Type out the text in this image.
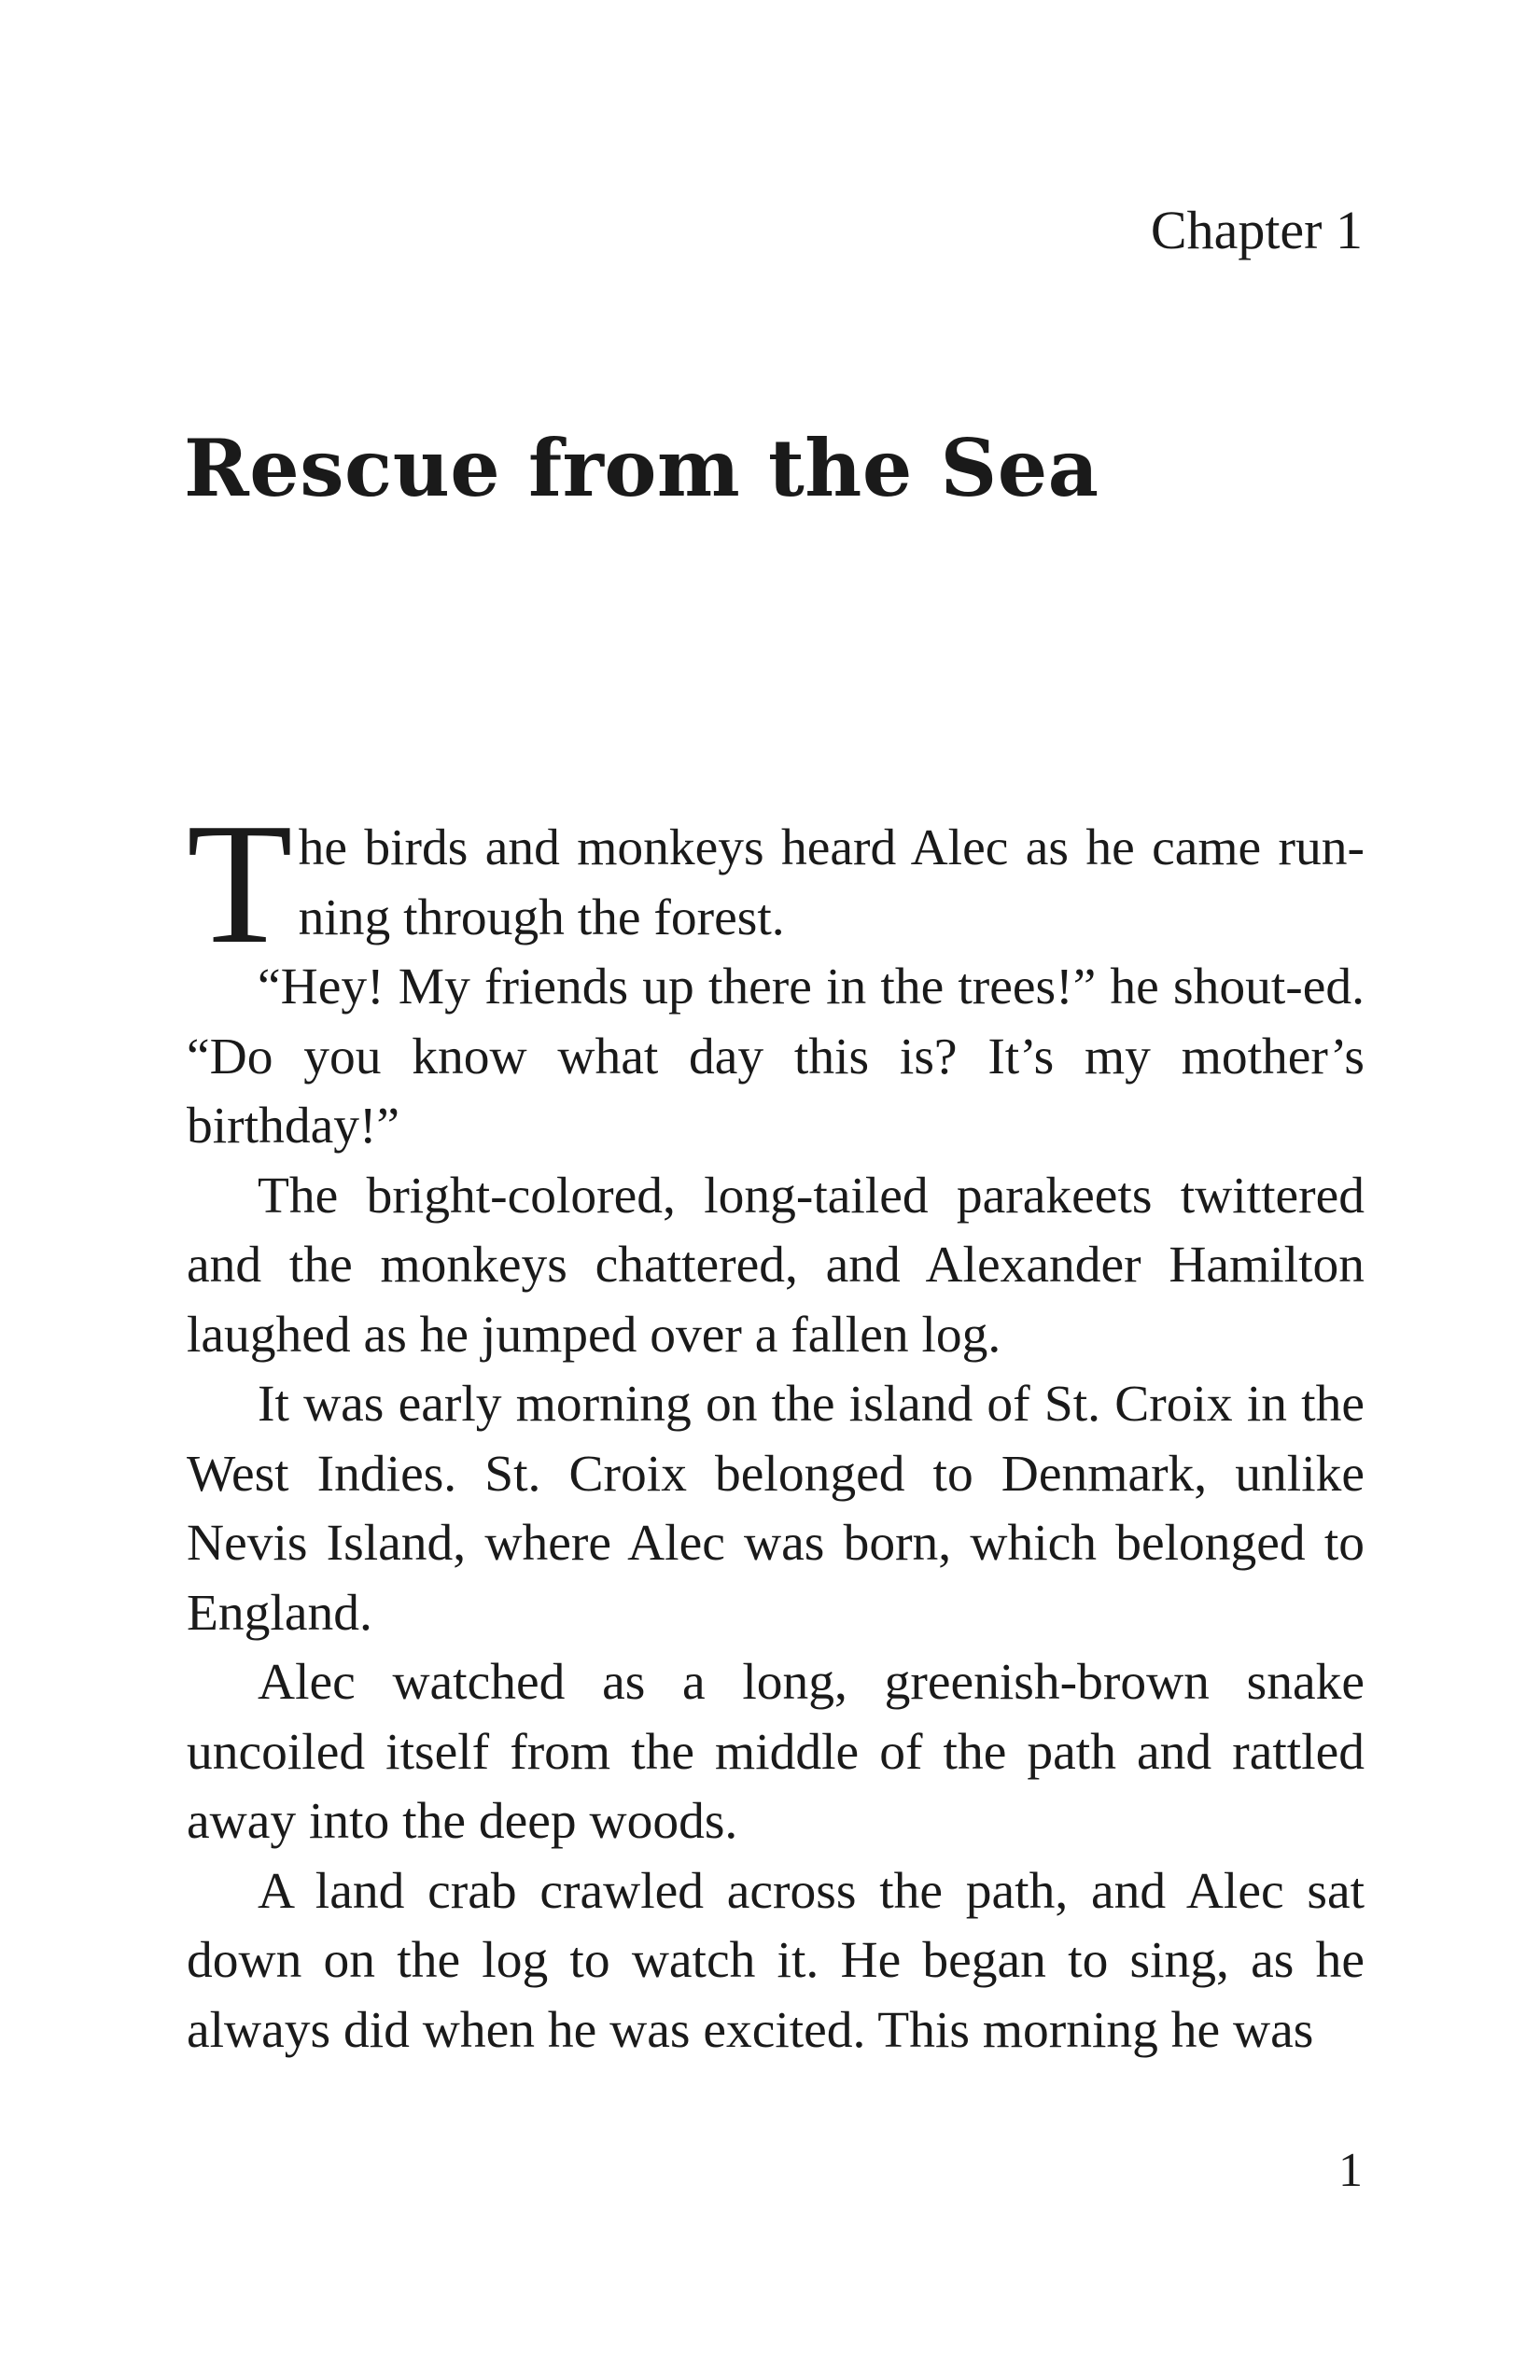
Chapter 1
Rescue from the Sea

The birds and monkeys heard Alec as he came run-ning through the forest.

“Hey! My friends up there in the trees!” he shout-ed. “Do you know what day this is? It’s my mother’s birthday!”

The bright-colored, long-tailed parakeets twittered and the monkeys chattered, and Alexander Hamilton laughed as he jumped over a fallen log.

It was early morning on the island of St. Croix in the West Indies. St. Croix belonged to Denmark, unlike Nevis Island, where Alec was born, which belonged to England.

Alec watched as a long, greenish-brown snake uncoiled itself from the middle of the path and rattled away into the deep woods.

A land crab crawled across the path, and Alec sat down on the log to watch it. He began to sing, as he always did when he was excited. This morning he was

1
